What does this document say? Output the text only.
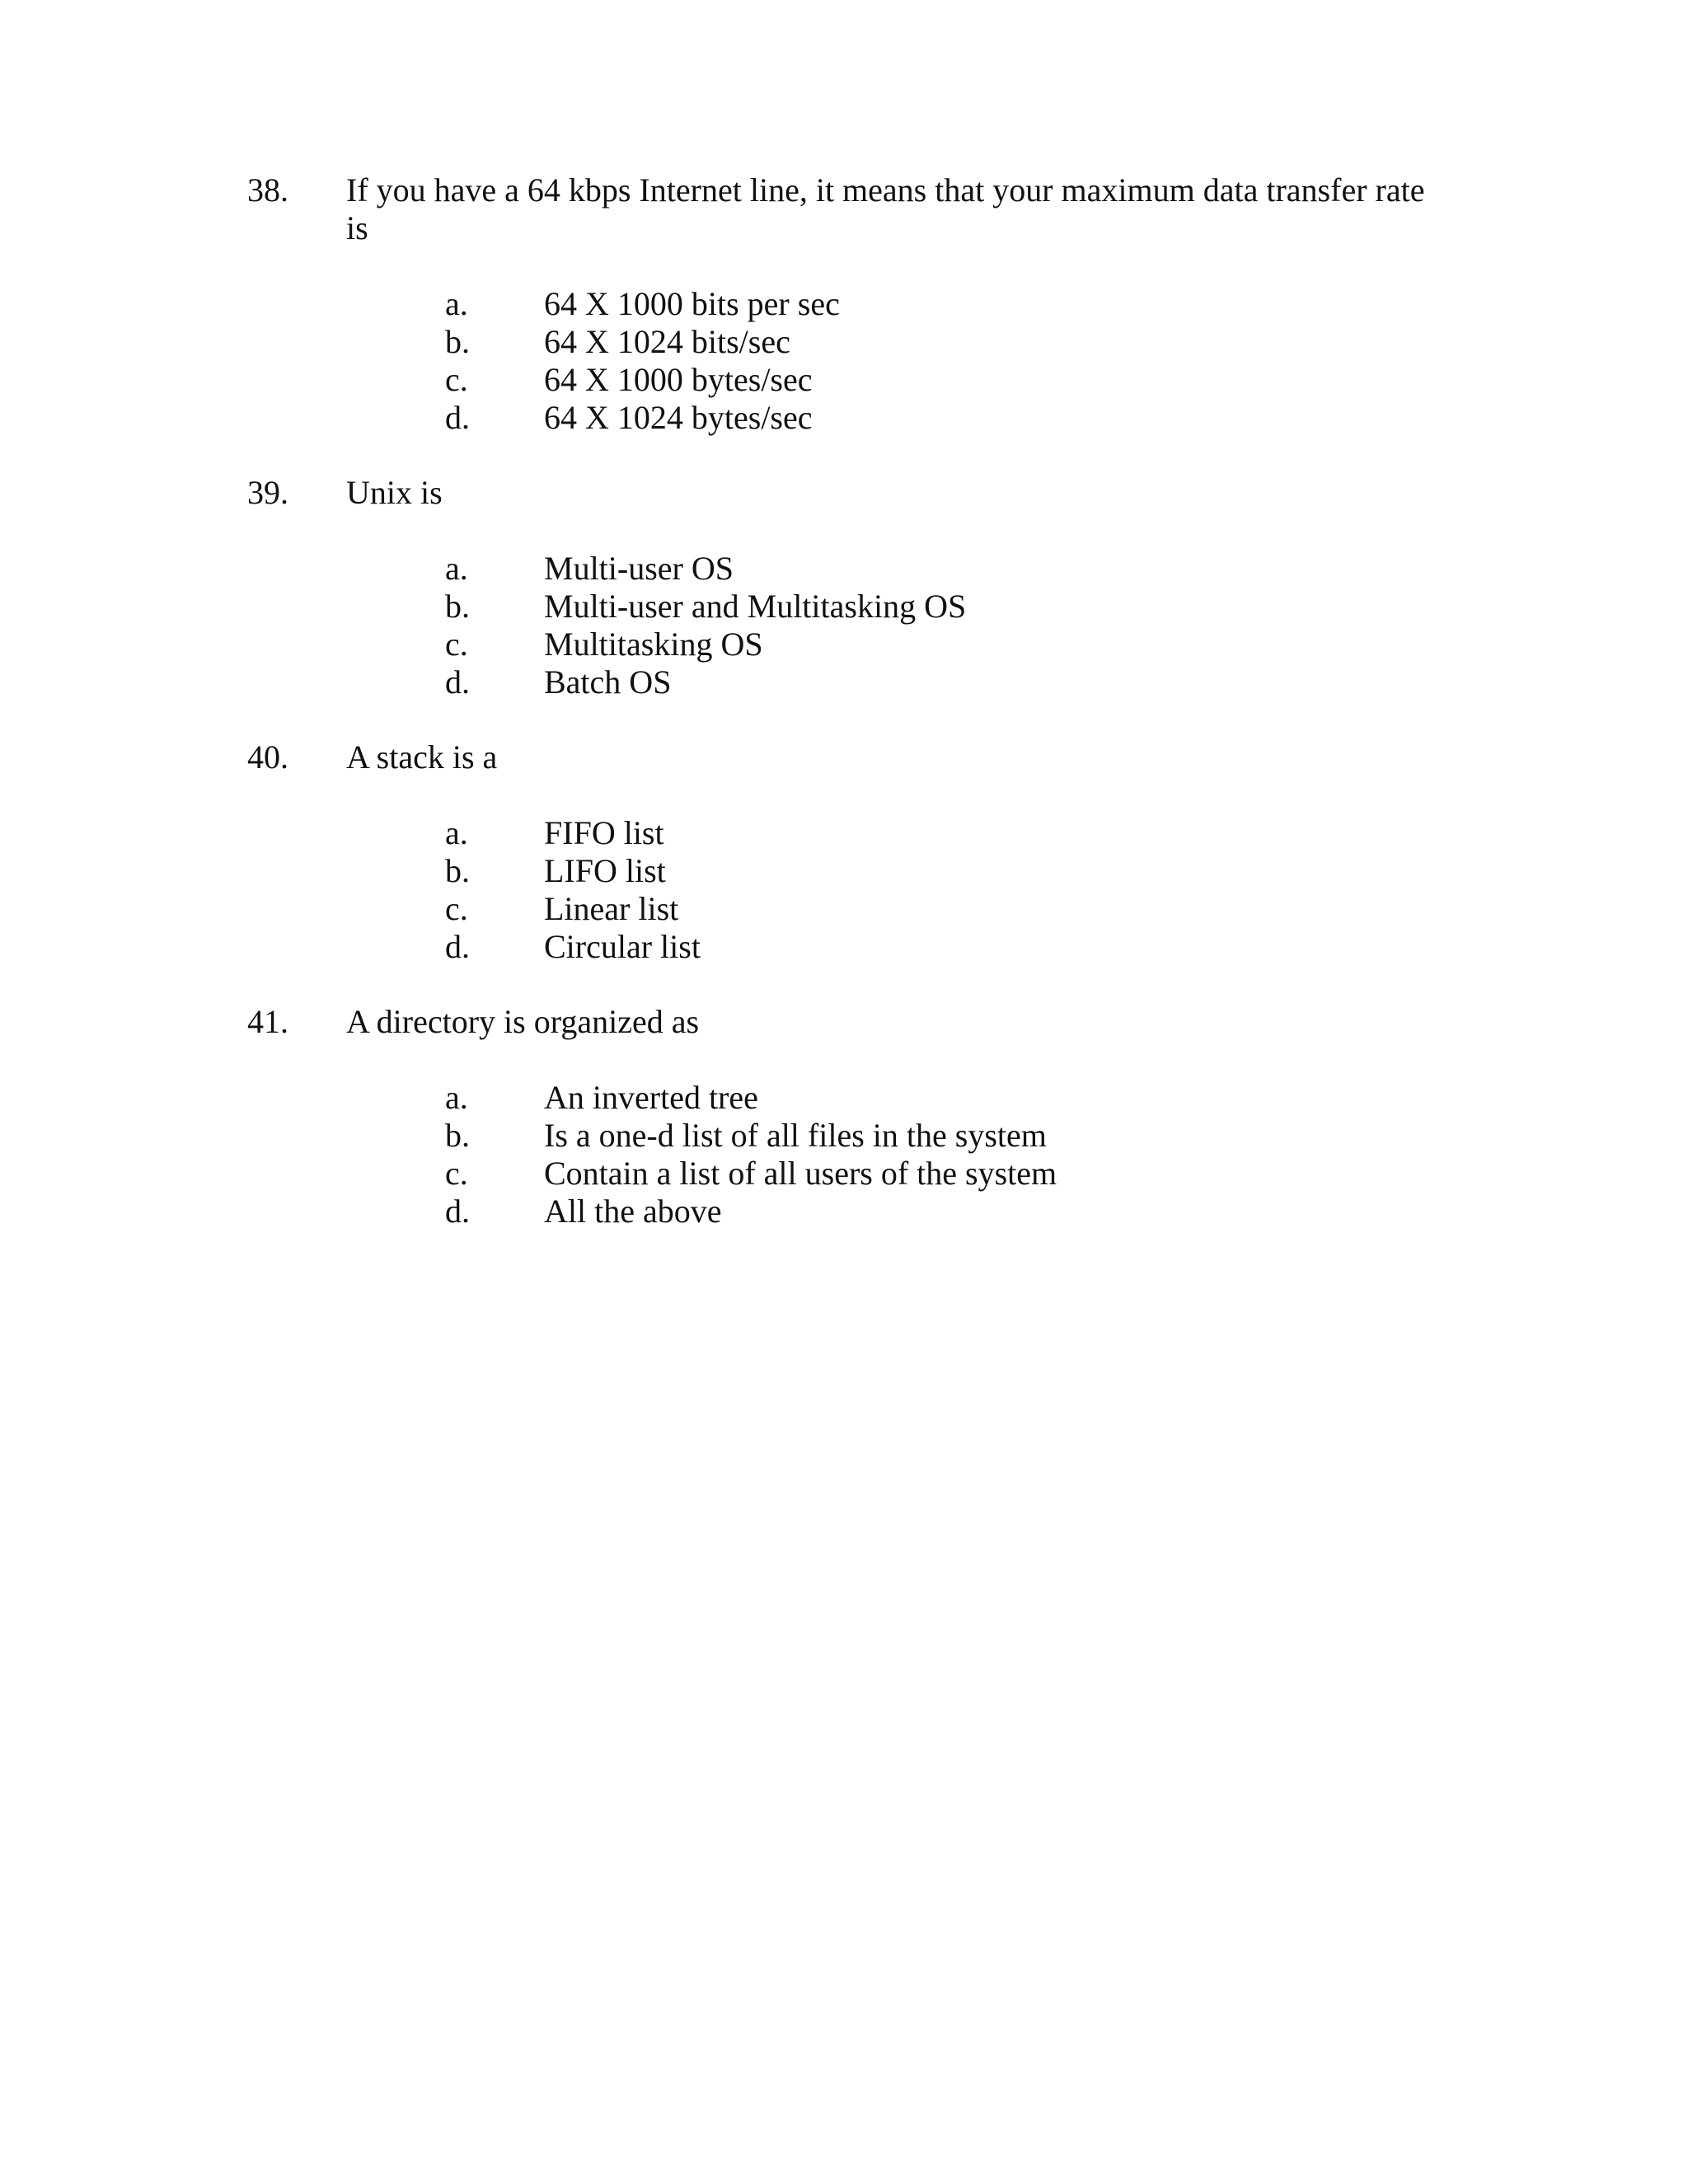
38. If you have a 64 kbps Internet line, it means that your maximum data transfer rate is
a. 64 X 1000 bits per sec
b. 64 X 1024 bits/sec
c. 64 X 1000 bytes/sec
d. 64 X 1024 bytes/sec
39. Unix is
a. Multi-user OS
b. Multi-user and Multitasking OS
c. Multitasking OS
d. Batch OS
40. A stack is a
a. FIFO list
b. LIFO list
c. Linear list
d. Circular list
41. A directory is organized as
a. An inverted tree
b. Is a one-d list of all files in the system
c. Contain a list of all users of the system
d. All the above
